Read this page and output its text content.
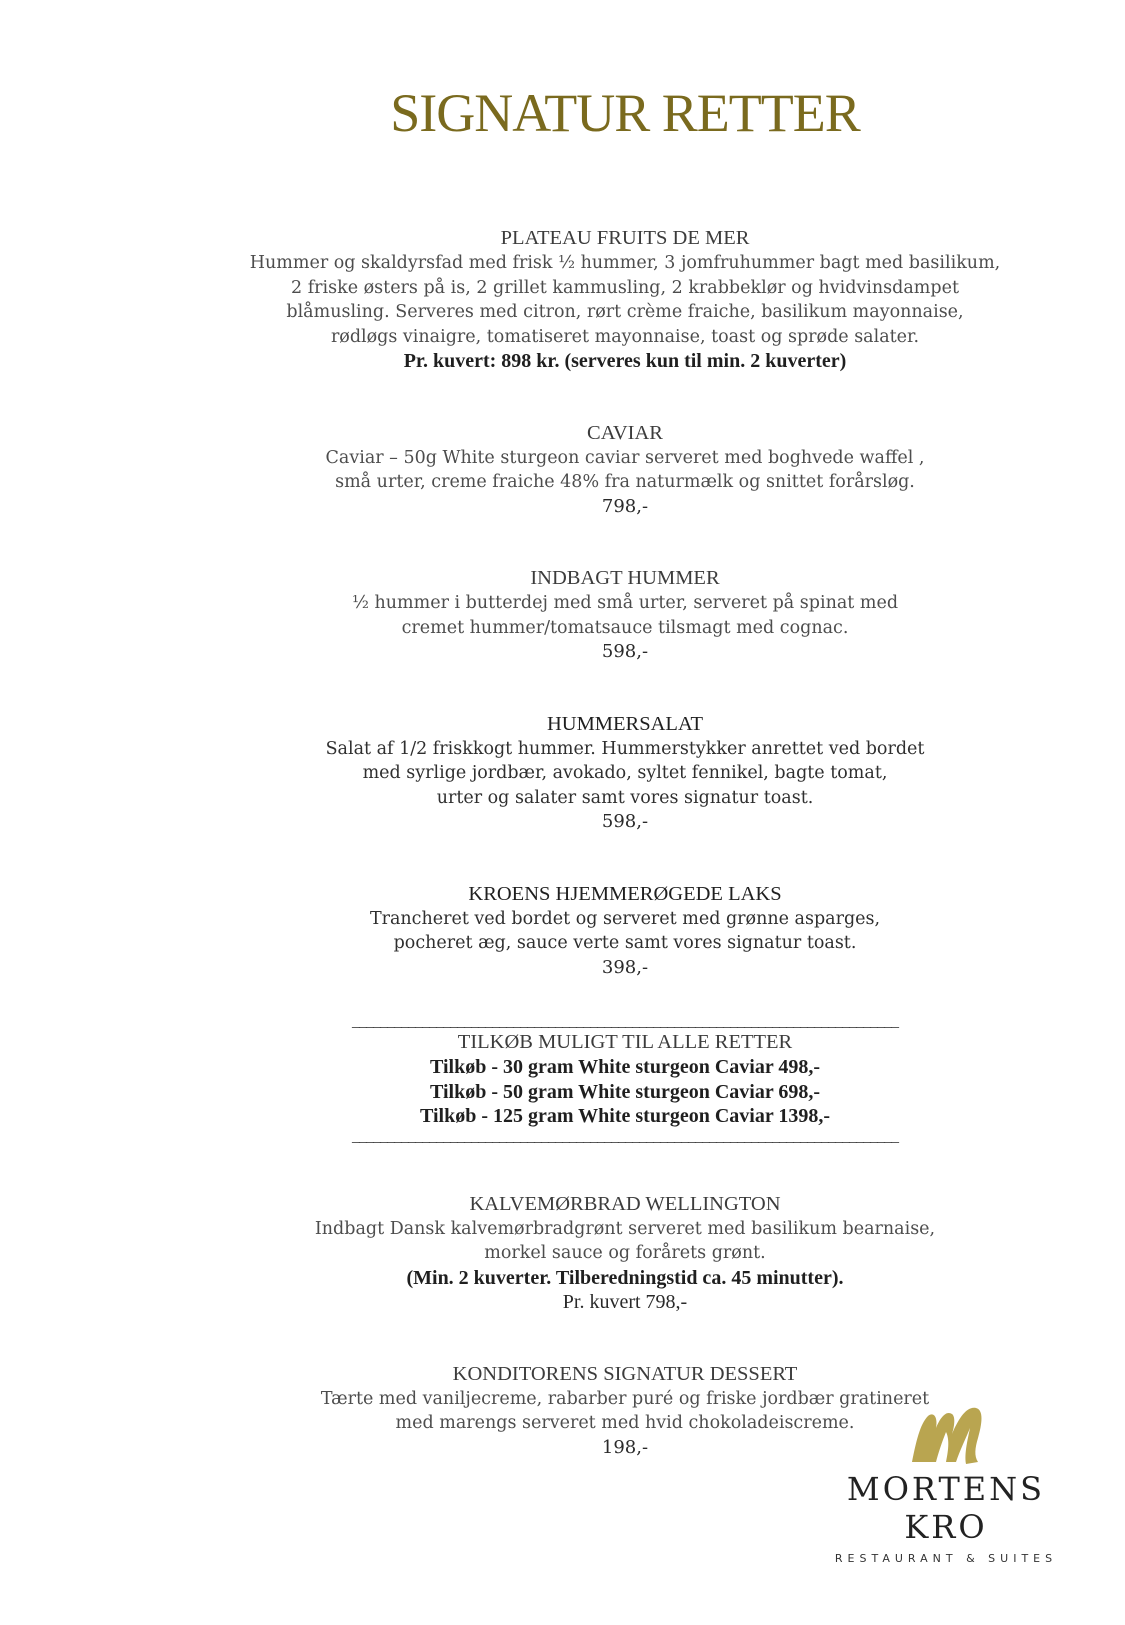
SIGNATUR RETTER
PLATEAU FRUITS DE MER
Hummer og skaldyrsfad med frisk ½ hummer, 3 jomfruhummer bagt med basilikum,
2 friske østers på is, 2 grillet kammusling, 2 krabbeklør og hvidvinsdampet
blåmusling. Serveres med citron, rørt crème fraiche, basilikum mayonnaise,
rødløgs vinaigre, tomatiseret mayonnaise, toast og sprøde salater.
Pr. kuvert: 898 kr. (serveres kun til min. 2 kuverter)
CAVIAR
Caviar – 50g White sturgeon caviar serveret med boghvede waffel ,
små urter, creme fraiche 48% fra naturmælk og snittet forårsløg.
798,-
INDBAGT HUMMER
½ hummer i butterdej med små urter, serveret på spinat med
cremet hummer/tomatsauce tilsmagt med cognac.
598,-
HUMMERSALAT
Salat af 1/2 friskkogt hummer. Hummerstykker anrettet ved bordet
med syrlige jordbær, avokado, syltet fennikel, bagte tomat,
urter og salater samt vores signatur toast.
598,-
KROENS HJEMMERØGEDE LAKS
Trancheret ved bordet og serveret med grønne asparges,
pocheret æg, sauce verte samt vores signatur toast.
398,-
______________________________________________________________________________
TILKØB MULIGT TIL ALLE RETTER
Tilkøb - 30 gram White sturgeon Caviar 498,-
Tilkøb - 50 gram White sturgeon Caviar 698,-
Tilkøb - 125 gram White sturgeon Caviar 1398,-
______________________________________________________________________________
KALVEMØRBRAD WELLINGTON
Indbagt Dansk kalvemørbradgrønt serveret med basilikum bearnaise,
morkel sauce og forårets grønt.
(Min. 2 kuverter. Tilberedningstid ca. 45 minutter).
Pr. kuvert 798,-
KONDITORENS SIGNATUR DESSERT
Tærte med vaniljecreme, rabarber puré og friske jordbær gratineret
med marengs serveret med hvid chokoladeiscreme.
198,-
MORTENS KRO
RESTAURANT & SUITES
